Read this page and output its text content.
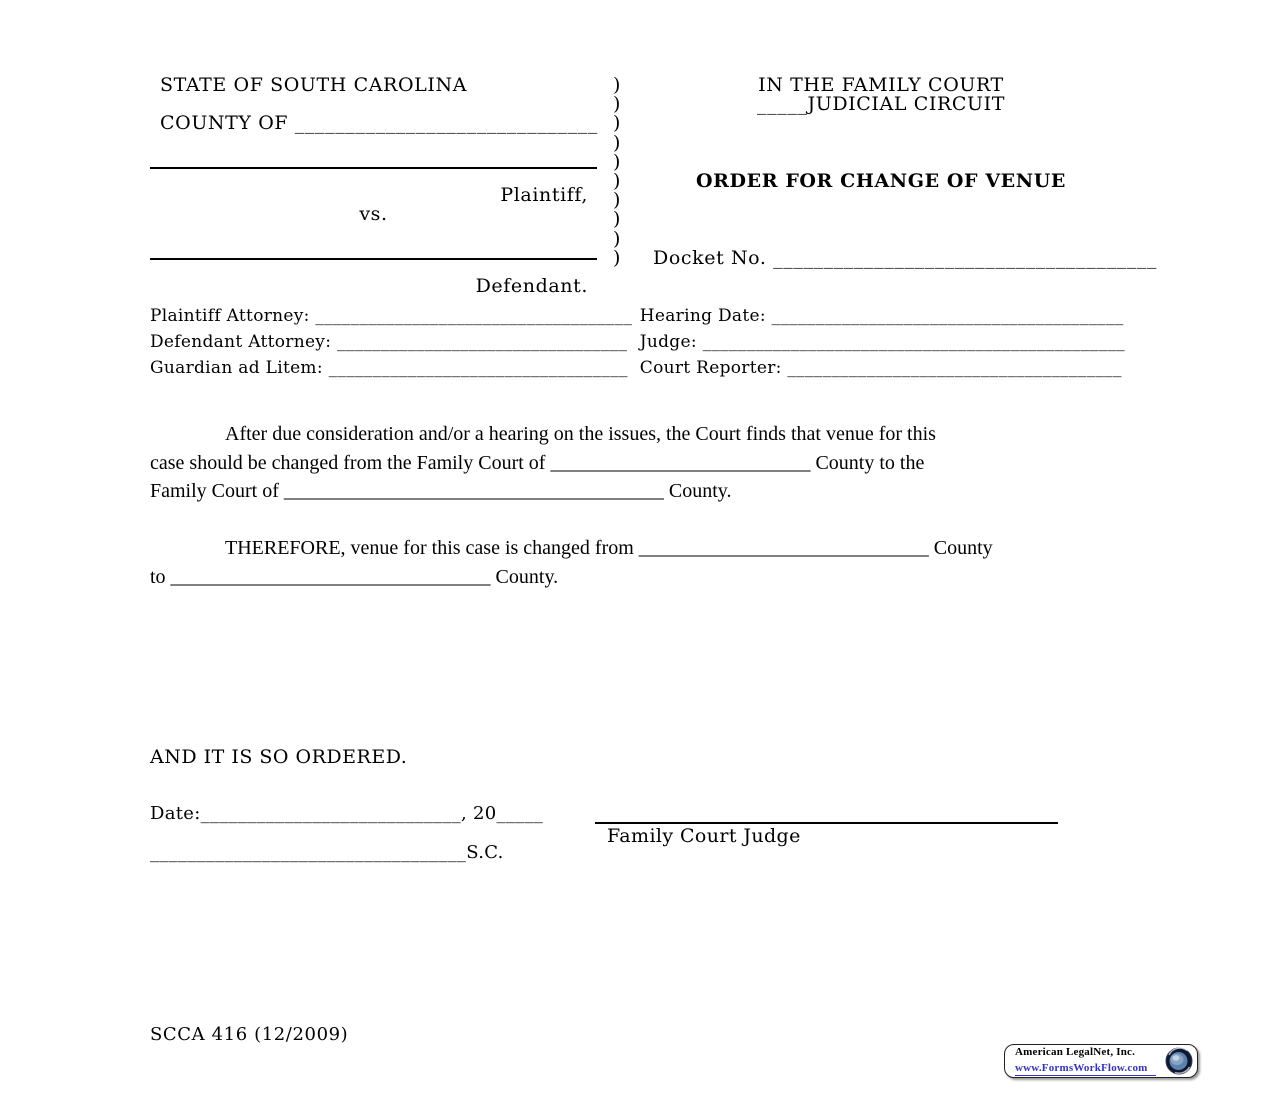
STATE OF SOUTH CAROLINA
COUNTY OF ______________________________
Plaintiff,
vs.
Defendant.
)
)
)
)
)
)
)
)
)
)
IN THE FAMILY COURT
_____JUDICIAL CIRCUIT
ORDER FOR CHANGE OF VENUE
Docket No. ______________________________________
Plaintiff Attorney: ____________________________________
Defendant Attorney: _________________________________
Guardian ad Litem: __________________________________
Hearing Date: ________________________________________
Judge: ________________________________________________
Court Reporter: ______________________________________
After due consideration and/or a hearing on the issues, the Court finds that venue for this
case should be changed from the Family Court of __________________________ County to the
Family Court of ______________________________________ County.
THEREFORE, venue for this case is changed from _____________________________ County
to ________________________________ County.
AND IT IS SO ORDERED.
Date:____________________________, 20_____
Family Court Judge
__________________________________S.C.
SCCA 416 (12/2009)
American LegalNet, Inc.
www.FormsWorkFlow.com
